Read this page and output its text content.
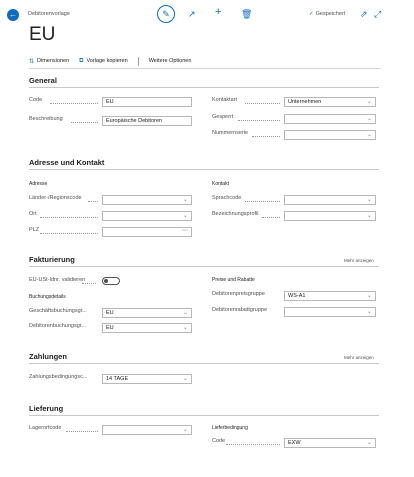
←	Debitorenvorlage	✎	↗ + 🗑	✓ Gespeichert ⇗ ⤢
EU
⇅ Dimensionen ⧉ Vorlage kopieren	Weitere Optionen
General
Code	EU
Beschreibung	Europäische Debitoren
Kontaktart	Unternehmen	⌄
Gesperrt	⌄
Nummernserie	⌄
Adresse und Kontakt
Adresse	Kontakt
Länder-/Regionscode	⌄
Ort	⌄
PLZ	⋯
Sprachcode	⌄
Bezeichnungsprofil	⌄
Fakturierung	Mehr anzeigen
EU-USt-Idnr. validieren
Buchungsdetails
Preise und Rabatte
Geschäftsbuchungsgr...	EU	⌄
Debitorenbuchungsgr...	EU	⌄
Debitorenpreisgruppe	WS-A1	⌄
Debitorenrabattgruppe	⌄
Zahlungen	Mehr anzeigen
Zahlungsbedingungsc...	14 TAGE	⌄
Lieferung
Lieferbedingung
Lagerortcode	⌄
Code	EXW	⌄
